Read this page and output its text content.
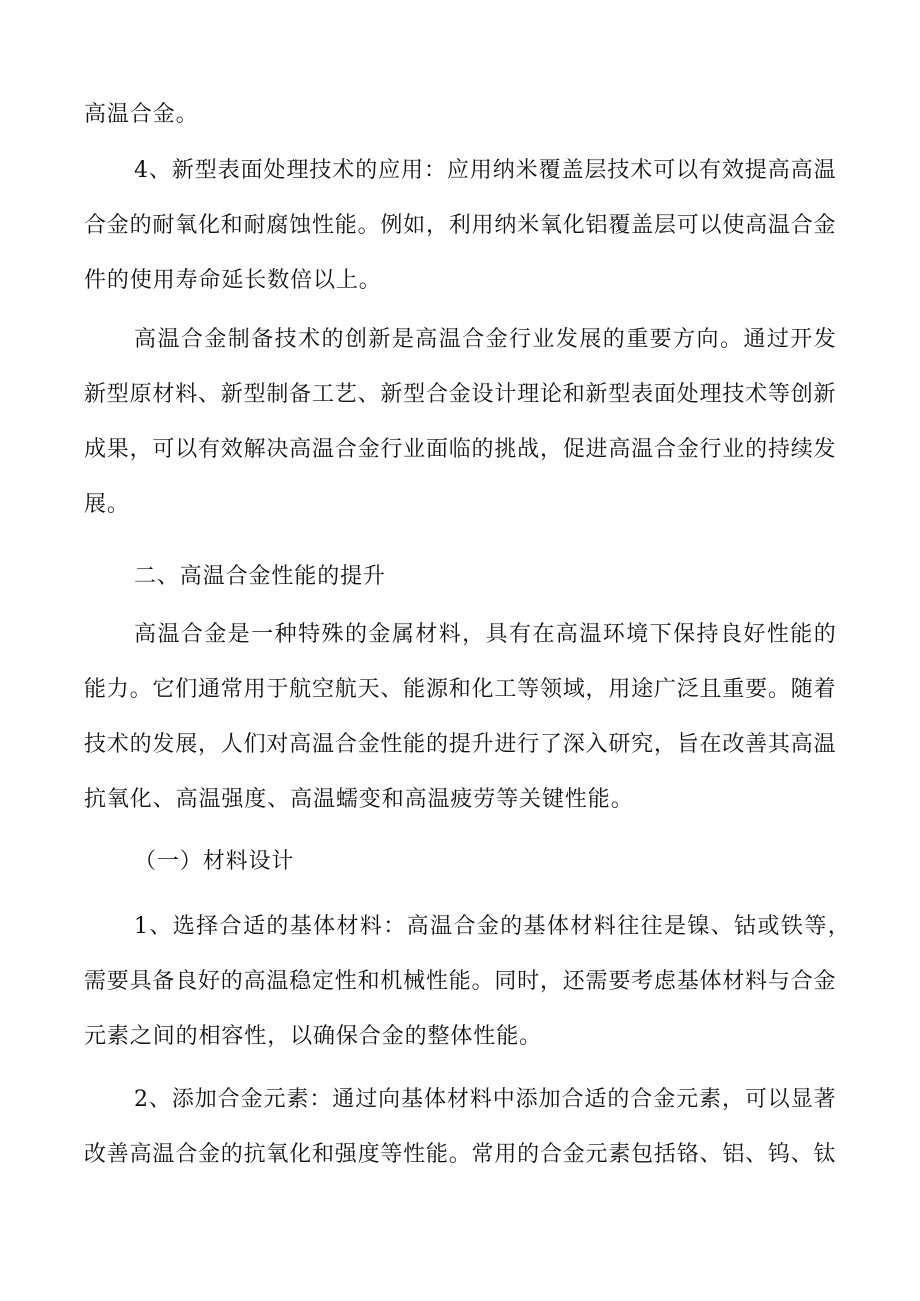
高温合金。
4 、 新 型 表 面 处 理 技 术 的 应 用 ： 应 用 纳 米 覆 盖 层 技 术 可 以 有 效 提 高 高 温
合 金 的 耐 氧 化 和 耐 腐 蚀 性 能 。 例 如 ， 利 用 纳 米 氧 化 铝 覆 盖 层 可 以 使 高 温 合 金
件的使用寿命延长数倍以上。
高 温 合 金 制 备 技 术 的 创 新 是 高 温 合 金 行 业 发 展 的 重 要 方 向 。 通 过 开 发
新 型 原 材 料 、 新 型 制 备 工 艺 、 新 型 合 金 设 计 理 论 和 新 型 表 面 处 理 技 术 等 创 新
成 果 ， 可 以 有 效 解 决 高 温 合 金 行 业 面 临 的 挑 战 ， 促 进 高 温 合 金 行 业 的 持 续 发
展。
二、高温合金性能的提升
高 温 合 金 是 一 种 特 殊 的 金 属 材 料 ， 具 有 在 高 温 环 境 下 保 持 良 好 性 能 的
能 力 。 它 们 通 常 用 于 航 空 航 天 、 能 源 和 化 工 等 领 域 ， 用 途 广 泛 且 重 要 。 随 着
技 术 的 发 展 ， 人 们 对 高 温 合 金 性 能 的 提 升 进 行 了 深 入 研 究 ， 旨 在 改 善 其 高 温
抗氧化、高温强度、高温蠕变和高温疲劳等关键性能。
（一）材料设计
1 、 选 择 合 适 的 基 体 材 料 ： 高 温 合 金 的 基 体 材 料 往 往 是 镍 、 钴 或 铁 等 ，
需 要 具 备 良 好 的 高 温 稳 定 性 和 机 械 性 能 。 同 时 ， 还 需 要 考 虑 基 体 材 料 与 合 金
元素之间的相容性，以确保合金的整体性能。
2 、 添 加 合 金 元 素 ： 通 过 向 基 体 材 料 中 添 加 合 适 的 合 金 元 素 ， 可 以 显 著
改 善 高 温 合 金 的 抗 氧 化 和 强 度 等 性 能 。 常 用 的 合 金 元 素 包 括 铬 、 铝 、 钨 、 钛
